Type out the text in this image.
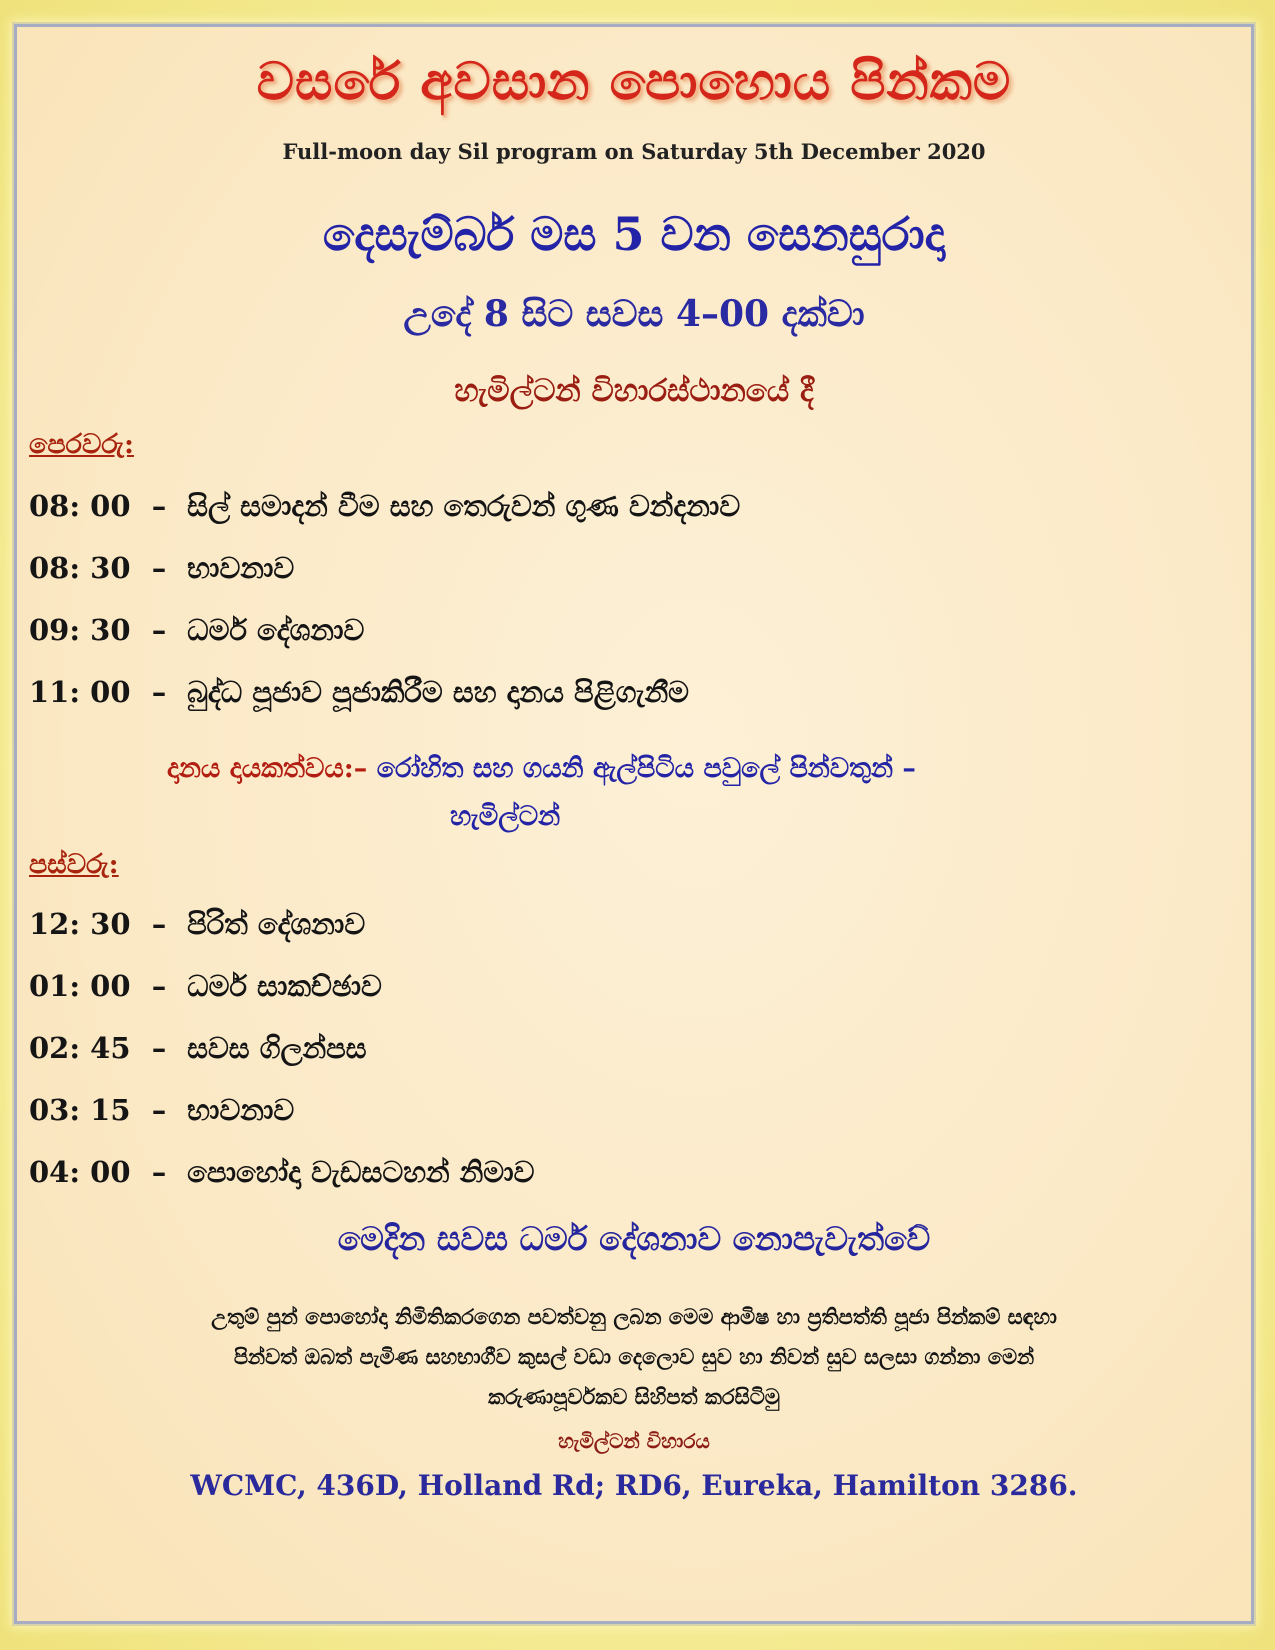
වසරේ අවසාන පොහොය පින්කම
Full-moon day Sil program on Saturday 5th December 2020
දෙසැම්බර් මස 5 වන සෙනසුරාදා
උදේ 8 සිට සවස 4–00 දක්වා
හැමිල්ටන් විහාරස්ථානයේ දී
පෙරවරු:
08: 00 – සිල් සමාදන් වීම සහ තෙරුවන් ගුණ වන්දනාව
08: 30 – භාවනාව
09: 30 – ධර්ම දේශනාව
11: 00 – බුද්ධ පූජාව පූජාකිරීම සහ දානය පිළිගැනීම
දානය දායකත්වය:– රෝහිත සහ ගයනි ඇල්පිටිය පවුලේ පින්වතුන් –
හැමිල්ටන්
පස්වරු:
12: 30 – පිරිත් දේශනාව
01: 00 – ධර්ම සාකච්ඡාව
02: 45 – සවස ගිලන්පස
03: 15 – භාවනාව
04: 00 – පොහෝදා වැඩසටහන් නිමාව
මෙදින සවස ධර්ම දේශනාව නොපැවැත්වේ
උතුම් පුන් පොහෝදා නිමිතිකරගෙන පවත්වනු ලබන මෙම ආමිෂ හා ප්‍රතිපත්ති පූජා පින්කම් සඳහා
පින්වත් ඔබත් පැමිණ සහභාගීව කුසල් වඩා දෙලොව සුව හා නිවන් සුව සලසා ගන්නා මෙන්
කරුණාපූර්වකව සිහිපත් කරසිටිමු
හැමිල්ටන් විහාරය
WCMC, 436D, Holland Rd; RD6, Eureka, Hamilton 3286.
